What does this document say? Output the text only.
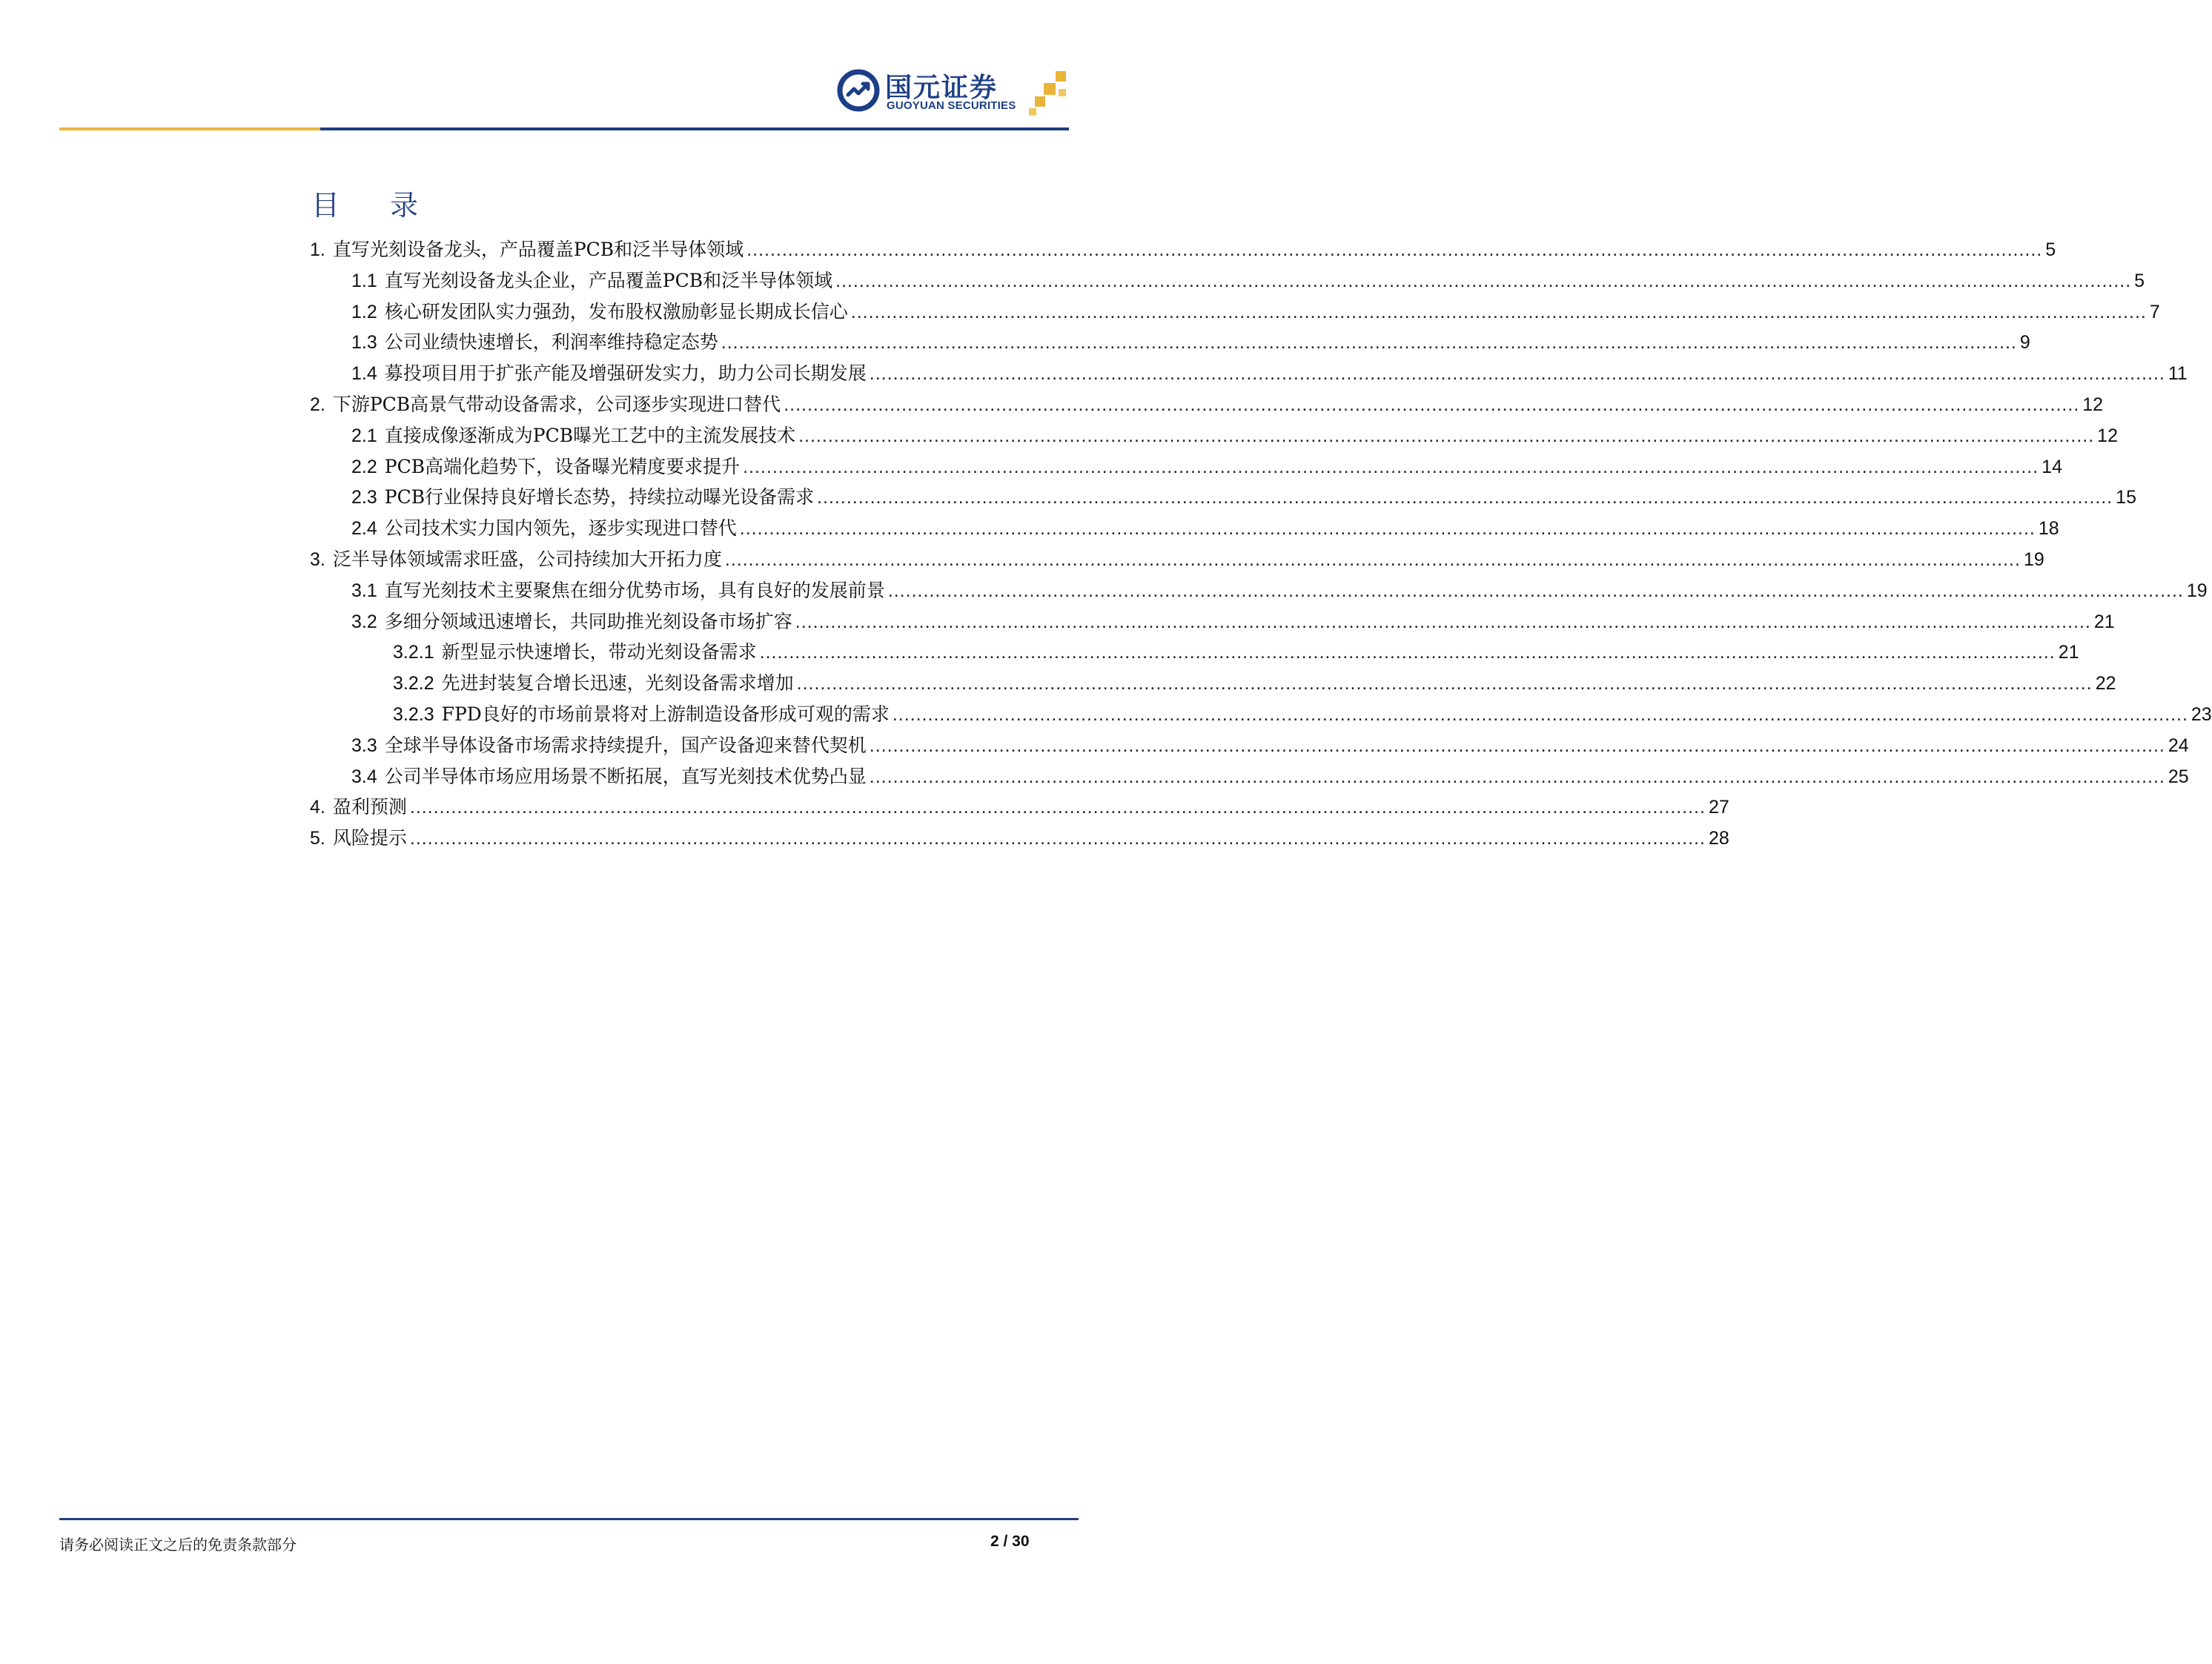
国元证券
GUOYUAN SECURITIES
目 录
1. 直写光刻设备龙头，产品覆盖PCB和泛半导体领域 ............................................................................................................................................................................................................................ 5
1.1 直写光刻设备龙头企业，产品覆盖PCB和泛半导体领域 ............................................................................................................................................................................................................................ 5
1.2 核心研发团队实力强劲，发布股权激励彰显长期成长信心 ............................................................................................................................................................................................................................ 7
1.3 公司业绩快速增长，利润率维持稳定态势 ............................................................................................................................................................................................................................ 9
1.4 募投项目用于扩张产能及增强研发实力，助力公司长期发展 ............................................................................................................................................................................................................................ 11
2. 下游PCB高景气带动设备需求，公司逐步实现进口替代 ............................................................................................................................................................................................................................ 12
2.1 直接成像逐渐成为PCB曝光工艺中的主流发展技术 ............................................................................................................................................................................................................................ 12
2.2 PCB高端化趋势下，设备曝光精度要求提升 ............................................................................................................................................................................................................................ 14
2.3 PCB行业保持良好增长态势，持续拉动曝光设备需求 ............................................................................................................................................................................................................................ 15
2.4 公司技术实力国内领先，逐步实现进口替代 ............................................................................................................................................................................................................................ 18
3. 泛半导体领域需求旺盛，公司持续加大开拓力度 ............................................................................................................................................................................................................................ 19
3.1 直写光刻技术主要聚焦在细分优势市场，具有良好的发展前景 ............................................................................................................................................................................................................................ 19
3.2 多细分领域迅速增长，共同助推光刻设备市场扩容 ............................................................................................................................................................................................................................ 21
3.2.1 新型显示快速增长，带动光刻设备需求 ............................................................................................................................................................................................................................ 21
3.2.2 先进封装复合增长迅速，光刻设备需求增加 ............................................................................................................................................................................................................................ 22
3.2.3 FPD良好的市场前景将对上游制造设备形成可观的需求 ............................................................................................................................................................................................................................ 23
3.3 全球半导体设备市场需求持续提升，国产设备迎来替代契机 ............................................................................................................................................................................................................................ 24
3.4 公司半导体市场应用场景不断拓展，直写光刻技术优势凸显 ............................................................................................................................................................................................................................ 25
4. 盈利预测 ............................................................................................................................................................................................................................ 27
5. 风险提示 ............................................................................................................................................................................................................................ 28
请务必阅读正文之后的免责条款部分	2 / 30
